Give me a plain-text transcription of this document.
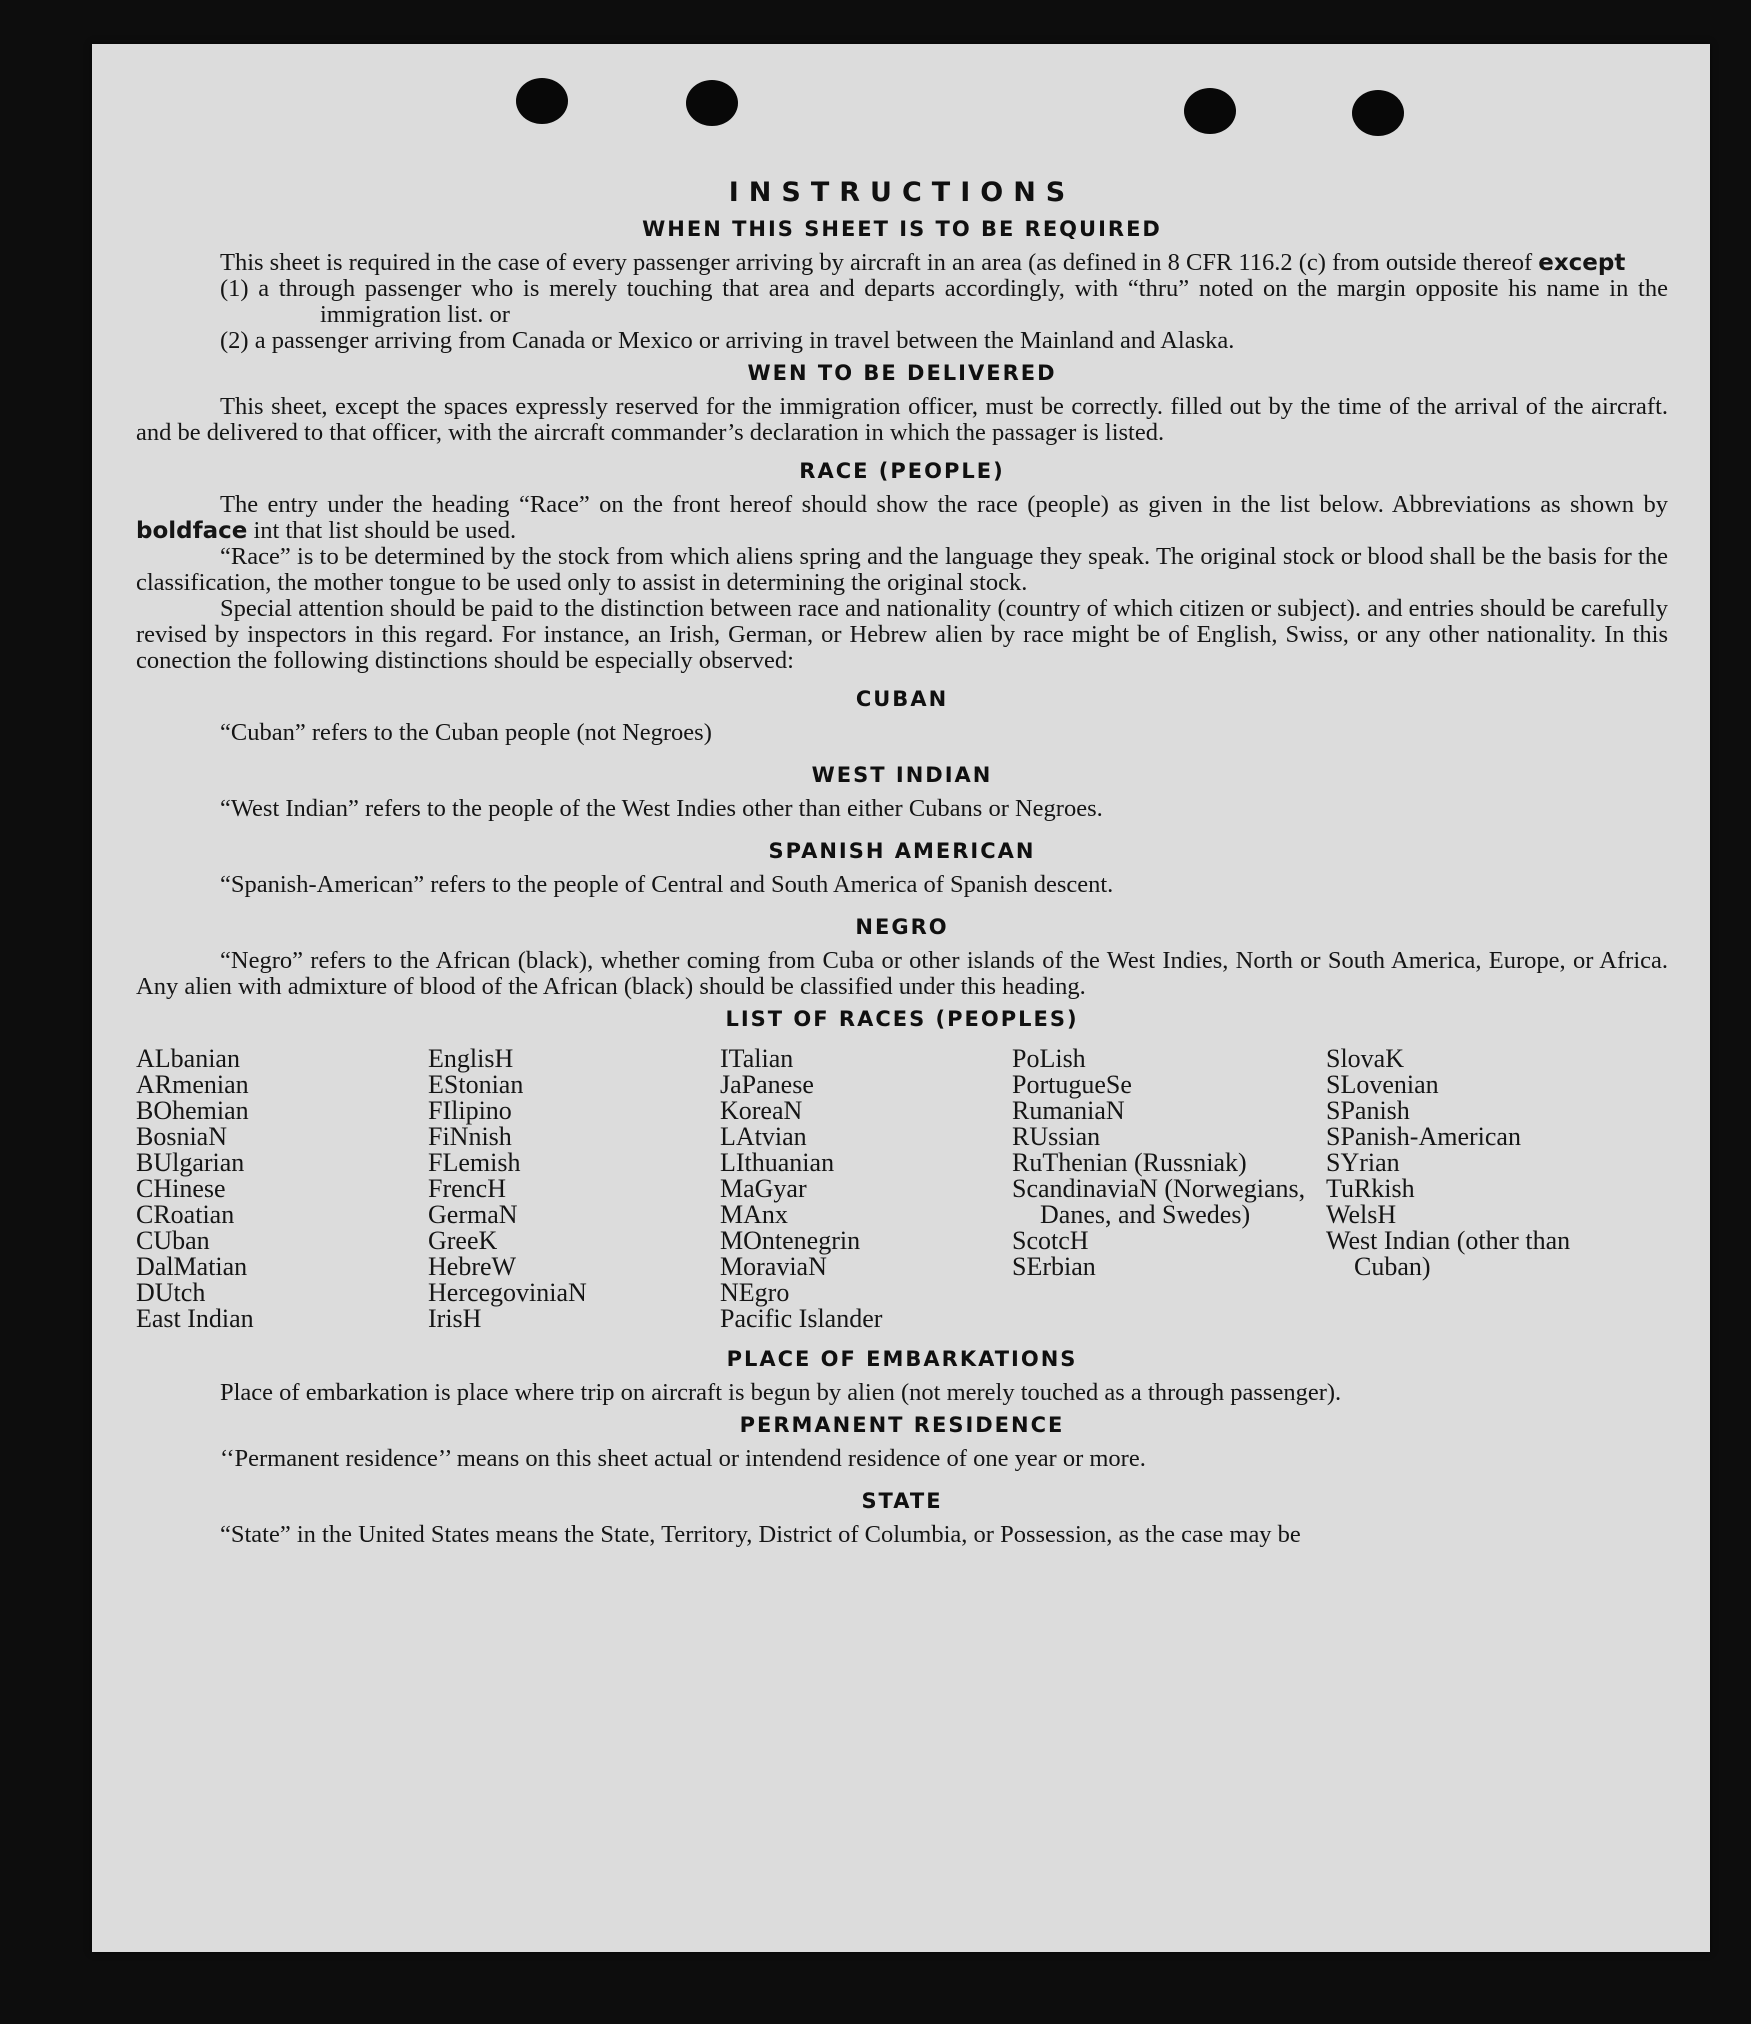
INSTRUCTIONS
WHEN THIS SHEET IS TO BE REQUIRED

This sheet is required in the case of every passenger arriving by aircraft in an area (as defined in 8 CFR 116.2 (c) from outside thereof except

(1) a through passenger who is merely touching that area and departs accordingly, with “thru” noted on the margin opposite his name in the immigration list. or

(2) a passenger arriving from Canada or Mexico or arriving in travel between the Mainland and Alaska.

WEN TO BE DELIVERED

This sheet, except the spaces expressly reserved for the immigration officer, must be correctly. filled out by the time of the arrival of the aircraft. and be delivered to that officer, with the aircraft commander’s declaration in which the passager is listed.

RACE (PEOPLE)

The entry under the heading “Race” on the front hereof should show the race (people) as given in the list below. Abbreviations as shown by boldface int that list should be used.

“Race” is to be determined by the stock from which aliens spring and the language they speak. The original stock or blood shall be the basis for the classification, the mother tongue to be used only to assist in determining the original stock.

Special attention should be paid to the distinction between race and nationality (country of which citizen or subject). and entries should be carefully revised by inspectors in this regard. For instance, an Irish, German, or Hebrew alien by race might be of English, Swiss, or any other nationality. In this conection the following distinctions should be especially observed:

CUBAN

“Cuban” refers to the Cuban people (not Negroes)

WEST INDIAN

“West Indian” refers to the people of the West Indies other than either Cubans or Negroes.

SPANISH AMERICAN

“Spanish-American” refers to the people of Central and South America of Spanish descent.

NEGRO

“Negro” refers to the African (black), whether coming from Cuba or other islands of the West Indies, North or South America, Europe, or Africa. Any alien with admixture of blood of the African (black) should be classified under this heading.

LIST OF RACES (PEOPLES)
ALbanian
ARmenian
BOhemian
BosniaN
BUlgarian
CHinese
CRoatian
CUban
DalMatian
DUtch
East Indian
EnglisH
EStonian
FIlipino
FiNnish
FLemish
FrencH
GermaN
GreeK
HebreW
HercegoviniaN
IrisH
ITalian
JaPanese
KoreaN
LAtvian
LIthuanian
MaGyar
MAnx
MOntenegrin
MoraviaN
NEgro
Pacific Islander
PoLish
PortugueSe
RumaniaN
RUssian
RuThenian (Russniak)
ScandinaviaN (Norwegians, Danes, and Swedes)
ScotcH
SErbian
SlovaK
SLovenian
SPanish
SPanish-American
SYrian
TuRkish
WelsH
West Indian (other than Cuban)
PLACE OF EMBARKATIONS

Place of embarkation is place where trip on aircraft is begun by alien (not merely touched as a through passenger).

PERMANENT RESIDENCE

‘‘Permanent residence’’ means on this sheet actual or intendend residence of one year or more.

STATE

“State” in the United States means the State, Territory, District of Columbia, or Possession, as the case may be
